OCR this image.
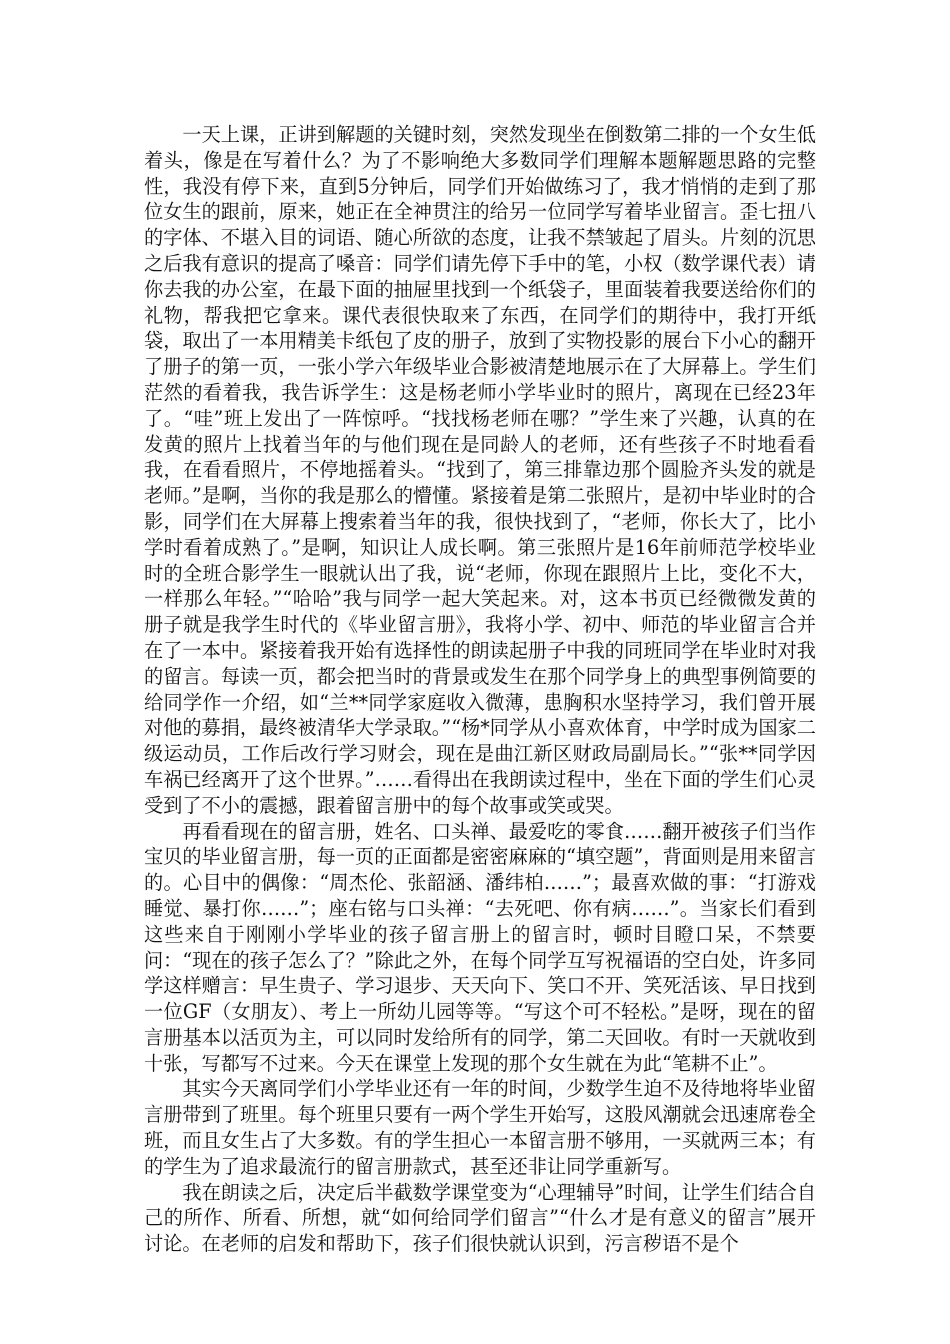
一天上课，正讲到解题的关键时刻，突然发现坐在倒数第二排的一个女生低着头，像是在写着什么？为了不影响绝大多数同学们理解本题解题思路的完整性，我没有停下来，直到5分钟后，同学们开始做练习了，我才悄悄的走到了那位女生的跟前，原来，她正在全神贯注的给另一位同学写着毕业留言。歪七扭八的字体、不堪入目的词语、随心所欲的态度，让我不禁皱起了眉头。片刻的沉思之后我有意识的提高了嗓音：同学们请先停下手中的笔，小权（数学课代表）请你去我的办公室，在最下面的抽屉里找到一个纸袋子，里面装着我要送给你们的礼物，帮我把它拿来。课代表很快取来了东西，在同学们的期待中，我打开纸袋，取出了一本用精美卡纸包了皮的册子，放到了实物投影的展台下小心的翻开了册子的第一页，一张小学六年级毕业合影被清楚地展示在了大屏幕上。学生们茫然的看着我，我告诉学生：这是杨老师小学毕业时的照片，离现在已经23年了。“哇”班上发出了一阵惊呼。“找找杨老师在哪？”学生来了兴趣，认真的在发黄的照片上找着当年的与他们现在是同龄人的老师，还有些孩子不时地看看我，在看看照片，不停地摇着头。“找到了，第三排靠边那个圆脸齐头发的就是老师。”是啊，当你的我是那么的懵懂。紧接着是第二张照片，是初中毕业时的合影，同学们在大屏幕上搜索着当年的我，很快找到了，“老师，你长大了，比小学时看着成熟了。”是啊，知识让人成长啊。第三张照片是16年前师范学校毕业时的全班合影学生一眼就认出了我，说“老师，你现在跟照片上比，变化不大，一样那么年轻。”“哈哈”我与同学一起大笑起来。对，这本书页已经微微发黄的册子就是我学生时代的《毕业留言册》，我将小学、初中、师范的毕业留言合并在了一本中。紧接着我开始有选择性的朗读起册子中我的同班同学在毕业时对我的留言。每读一页，都会把当时的背景或发生在那个同学身上的典型事例简要的给同学作一介绍，如“兰**同学家庭收入微薄，患胸积水坚持学习，我们曾开展对他的募捐，最终被清华大学录取。”“杨*同学从小喜欢体育，中学时成为国家二级运动员，工作后改行学习财会，现在是曲江新区财政局副局长。”“张**同学因车祸已经离开了这个世界。”……看得出在我朗读过程中，坐在下面的学生们心灵受到了不小的震撼，跟着留言册中的每个故事或笑或哭。

再看看现在的留言册，姓名、口头禅、最爱吃的零食……翻开被孩子们当作宝贝的毕业留言册，每一页的正面都是密密麻麻的“填空题”，背面则是用来留言的。心目中的偶像：“周杰伦、张韶涵、潘纬柏……”；最喜欢做的事：“打游戏睡觉、暴打你……”；座右铭与口头禅：“去死吧、你有病……”。当家长们看到这些来自于刚刚小学毕业的孩子留言册上的留言时，顿时目瞪口呆，不禁要问：“现在的孩子怎么了？”除此之外，在每个同学互写祝福语的空白处，许多同学这样赠言：早生贵子、学习退步、天天向下、笑口不开、笑死活该、早日找到一位GF（女朋友）、考上一所幼儿园等等。“写这个可不轻松。”是呀，现在的留言册基本以活页为主，可以同时发给所有的同学，第二天回收。有时一天就收到十张，写都写不过来。今天在课堂上发现的那个女生就在为此“笔耕不止”。

其实今天离同学们小学毕业还有一年的时间，少数学生迫不及待地将毕业留言册带到了班里。每个班里只要有一两个学生开始写，这股风潮就会迅速席卷全班，而且女生占了大多数。有的学生担心一本留言册不够用，一买就两三本；有的学生为了追求最流行的留言册款式，甚至还非让同学重新写。

我在朗读之后，决定后半截数学课堂变为“心理辅导”时间，让学生们结合自己的所作、所看、所想，就“如何给同学们留言”“什么才是有意义的留言”展开讨论。在老师的启发和帮助下，孩子们很快就认识到，污言秽语不是个
